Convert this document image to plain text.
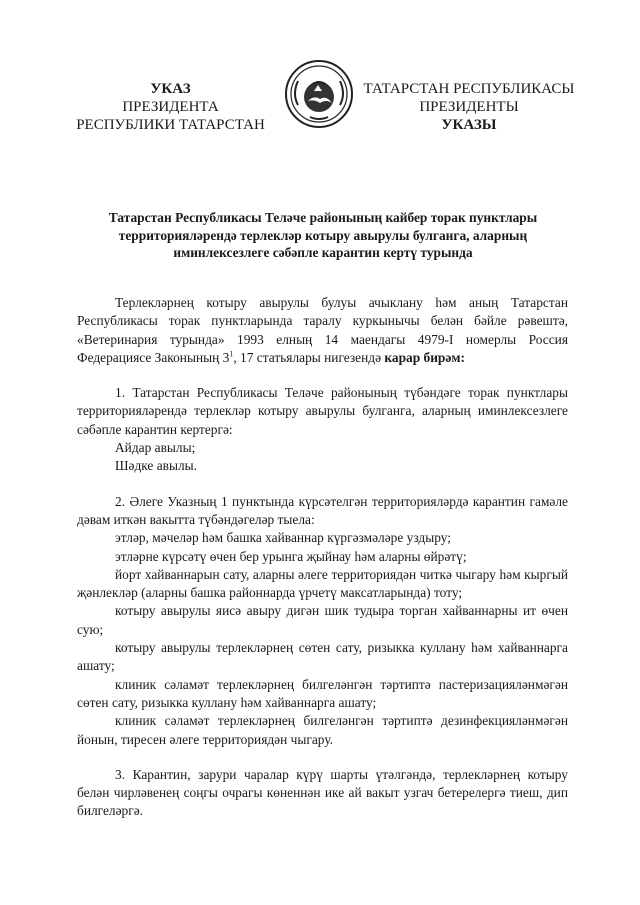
УКАЗ
ПРЕЗИДЕНТА
РЕСПУБЛИКИ ТАТАРСТАН
ТАТАРСТАН РЕСПУБЛИКАСЫ
ПРЕЗИДЕНТЫ
УКАЗЫ
Татарстан Республикасы Теләче районының кайбер торак пунктлары территорияләрендә терлекләр котыру авырулы булганга, аларның иминлексезлегe сәбәпле карантин кертү турында

Терлекләрнең котыру авырулы булуы ачыклану һәм аның Татарстан Республикасы торак пунктларында таралу куркынычы белән бәйле рәвештә, «Ветеринария турында» 1993 елның 14 маендагы 4979-I номерлы Россия Федерациясе Законының $3^1$, 17 статьялары нигезендә карар бирәм:

1. Татарстан Республикасы Теләче районының түбәндәге торак пунктлары территорияләрендә терлекләр котыру авырулы булганга, аларның иминлексезлеге сәбәпле карантин кертергә:

Айдар авылы;

Шәдке авылы.

2. Әлеге Указның 1 пунктында күрсәтелгән территорияләрдә карантин гамәле дәвам иткән вакытта түбәндәгеләр тыела:

этләр, мәчеләр һәм башка хайваннар күргәзмәләре уздыру;

этләрне күрсәтү өчен бер урынга җыйнау һәм аларны өйрәтү;

йорт хайваннарын сату, аларны әлеге территориядән читкә чыгару һәм кыргый җәнлекләр (аларны башка районнарда үрчетү максатларында) тоту;

котыру авырулы яисә авыру дигән шик тудыра торган хайваннарны ит өчен сую;

котыру авырулы терлекләрнең сөтен сату, ризыкка куллану һәм хайваннарга ашату;

клиник сәламәт терлекләрнең билгеләнгән тәртиптә пастеризацияләнмәгән сөтен сату, ризыкка куллану һәм хайваннарга ашату;

клиник сәламәт терлекләрнең билгеләнгән тәртиптә дезинфекцияләнмәгән йонын, тиресен әлеге территориядән чыгару.

3. Карантин, зарури чаралар күрү шарты үтәлгәндә, терлекләрнең котыру белән чирләвенең соңгы очрагы көненнән ике ай вакыт узгач бетерелергә тиеш, дип билгеләргә.
